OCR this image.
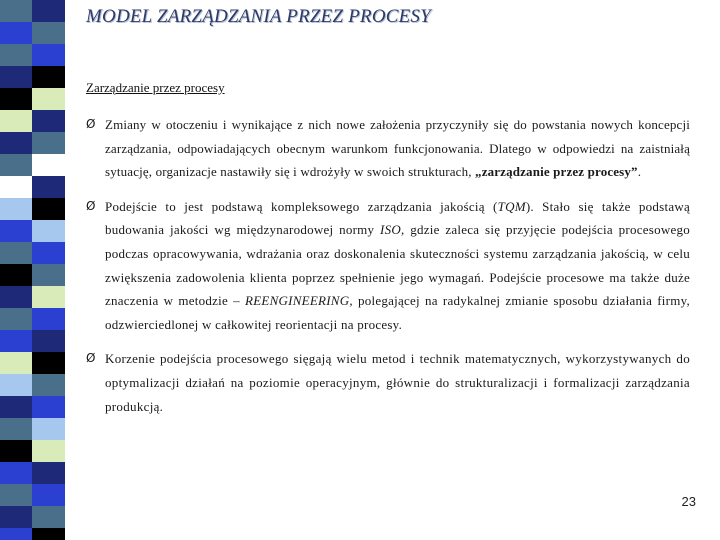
MODEL ZARZĄDZANIA PRZEZ PROCESY
Zarządzanie przez procesy
Ø Zmiany w otoczeniu i wynikające z nich nowe założenia przyczyniły się do powstania nowych koncepcji zarządzania, odpowiadających obecnym warunkom funkcjonowania. Dlatego w odpowiedzi na zaistniałą sytuację, organizacje nastawiły się i wdrożyły w swoich strukturach, „zarządzanie przez procesy”.
Ø Podejście to jest podstawą kompleksowego zarządzania jakością (TQM). Stało się także podstawą budowania jakości wg międzynarodowej normy ISO, gdzie zaleca się przyjęcie podejścia procesowego podczas opracowywania, wdrażania oraz doskonalenia skuteczności systemu zarządzania jakością, w celu zwiększenia zadowolenia klienta poprzez spełnienie jego wymagań. Podejście procesowe ma także duże znaczenia w metodzie – REENGINEERING, polegającej na radykalnej zmianie sposobu działania firmy, odzwierciedlonej w całkowitej reorientacji na procesy.
Ø Korzenie podejścia procesowego sięgają wielu metod i technik matematycznych, wykorzystywanych do optymalizacji działań na poziomie operacyjnym, głównie do strukturalizacji i formalizacji zarządzania produkcją.
23
